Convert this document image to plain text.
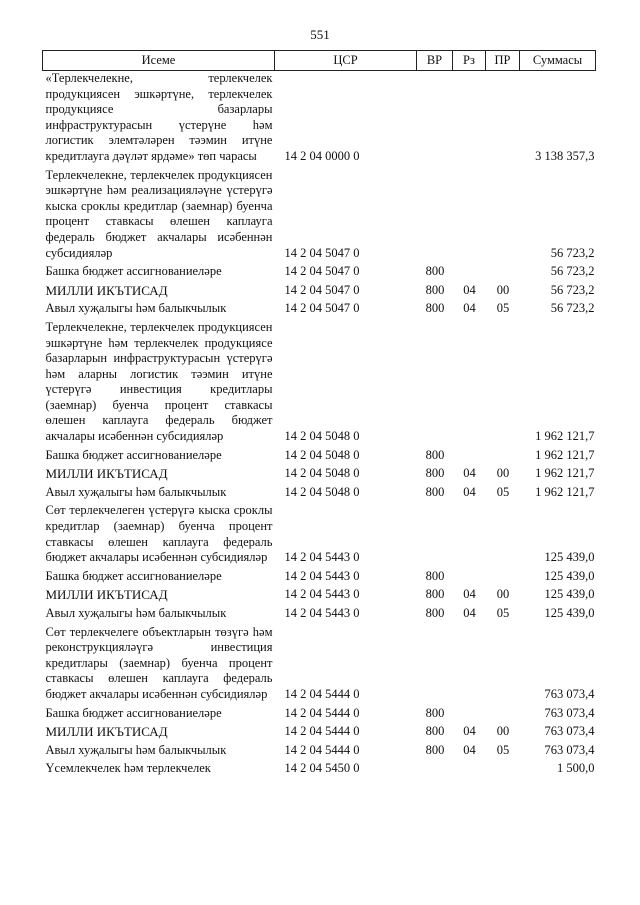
551
Исеме	ЦСР	ВР	Рз	ПР	Суммасы
«Терлекчелекне, терлекчелек продукциясен эшкәртүне, терлекчелек продукциясе базарлары инфраструктурасын үстерүне һәм логистик элемтәләрен тәэмин итүне кредитлаугa дәүләт ярдәме» төп чарасы	14 2 04 0000 0				3 138 357,3
Терлекчелекне, терлекчелек продукциясен эшкәртүне һәм реализацияләүне үстерүгә кыска сроклы кредитлар (заемнар) буенча процент ставкасы өлешен каплауга федераль бюджет акчалары исәбеннән субсидияләр	14 2 04 5047 0				56 723,2
Башка бюджет ассигнованиеләре	14 2 04 5047 0	800			56 723,2
МИЛЛИ ИКЪТИСАД	14 2 04 5047 0	800	04	00	56 723,2
Авыл хуҗалыгы һәм балыкчылык	14 2 04 5047 0	800	04	05	56 723,2
Терлекчелекне, терлекчелек продукциясен эшкәртүне һәм терлекчелек продукциясе базарларын инфраструктурасын үстерүгә һәм аларны логистик тәэмин итүне үстерүгә инвестиция кредитлары (заемнар) буенча процент ставкасы өлешен каплауга федераль бюджет акчалары исәбеннән субсидияләр	14 2 04 5048 0				1 962 121,7
Башка бюджет ассигнованиеләре	14 2 04 5048 0	800			1 962 121,7
МИЛЛИ ИКЪТИСАД	14 2 04 5048 0	800	04	00	1 962 121,7
Авыл хуҗалыгы һәм балыкчылык	14 2 04 5048 0	800	04	05	1 962 121,7
Сөт терлекчелеген үстерүгә кыска сроклы кредитлар (заемнар) буенча процент ставкасы өлешен каплауга федераль бюджет акчалары исәбеннән субсидияләр	14 2 04 5443 0				125 439,0
Башка бюджет ассигнованиеләре	14 2 04 5443 0	800			125 439,0
МИЛЛИ ИКЪТИСАД	14 2 04 5443 0	800	04	00	125 439,0
Авыл хуҗалыгы һәм балыкчылык	14 2 04 5443 0	800	04	05	125 439,0
Сөт терлекчелеге объектларын төзүгә һәм реконструкцияләүгә инвестиция кредитлары (заемнар) буенча процент ставкасы өлешен каплауга федераль бюджет акчалары исәбеннән субсидияләр	14 2 04 5444 0				763 073,4
Башка бюджет ассигнованиеләре	14 2 04 5444 0	800			763 073,4
МИЛЛИ ИКЪТИСАД	14 2 04 5444 0	800	04	00	763 073,4
Авыл хуҗалыгы һәм балыкчылык	14 2 04 5444 0	800	04	05	763 073,4
Үсемлекчелек һәм терлекчелек	14 2 04 5450 0				1 500,0
